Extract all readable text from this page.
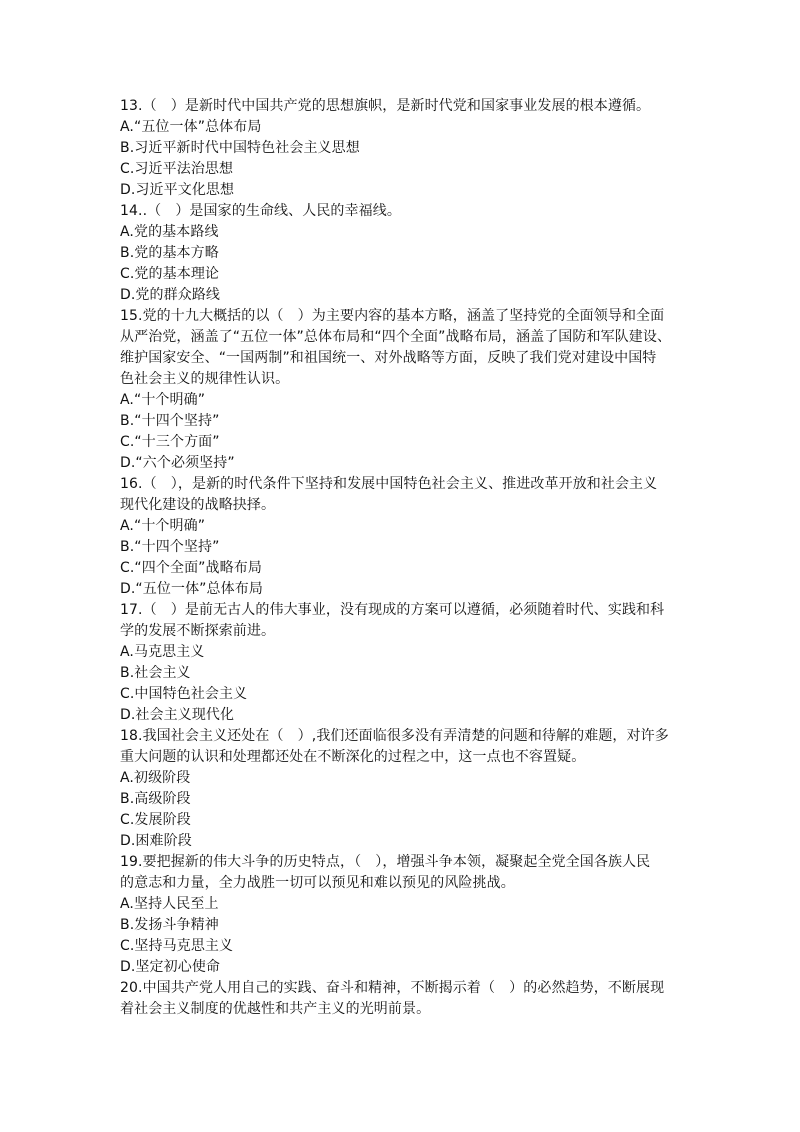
13.（　）是新时代中国共产党的思想旗帜，是新时代党和国家事业发展的根本遵循。
A.“五位一体”总体布局
B.习近平新时代中国特色社会主义思想
C.习近平法治思想
D.习近平文化思想
14..（　）是国家的生命线、人民的幸福线。
A.党的基本路线
B.党的基本方略
C.党的基本理论
D.党的群众路线
15.党的十九大概括的以（　）为主要内容的基本方略，涵盖了坚持党的全面领导和全面
从严治党，涵盖了“五位一体”总体布局和“四个全面”战略布局，涵盖了国防和军队建设、
维护国家安全、“一国两制”和祖国统一、对外战略等方面，反映了我们党对建设中国特
色社会主义的规律性认识。
A.“十个明确”
B.“十四个坚持”
C.“十三个方面”
D.“六个必须坚持”
16.（　），是新的时代条件下坚持和发展中国特色社会主义、推进改革开放和社会主义
现代化建设的战略抉择。
A.“十个明确”
B.“十四个坚持”
C.“四个全面”战略布局
D.“五位一体”总体布局
17.（　）是前无古人的伟大事业，没有现成的方案可以遵循，必须随着时代、实践和科
学的发展不断探索前进。
A.马克思主义
B.社会主义
C.中国特色社会主义
D.社会主义现代化
18.我国社会主义还处在（　）,我们还面临很多没有弄清楚的问题和待解的难题，对许多
重大问题的认识和处理都还处在不断深化的过程之中，这一点也不容置疑。
A.初级阶段
B.高级阶段
C.发展阶段
D.困难阶段
19.要把握新的伟大斗争的历史特点，（　），增强斗争本领，凝聚起全党全国各族人民
的意志和力量，全力战胜一切可以预见和难以预见的风险挑战。
A.坚持人民至上
B.发扬斗争精神
C.坚持马克思主义
D.坚定初心使命
20.中国共产党人用自己的实践、奋斗和精神，不断揭示着（　）的必然趋势，不断展现
着社会主义制度的优越性和共产主义的光明前景。
